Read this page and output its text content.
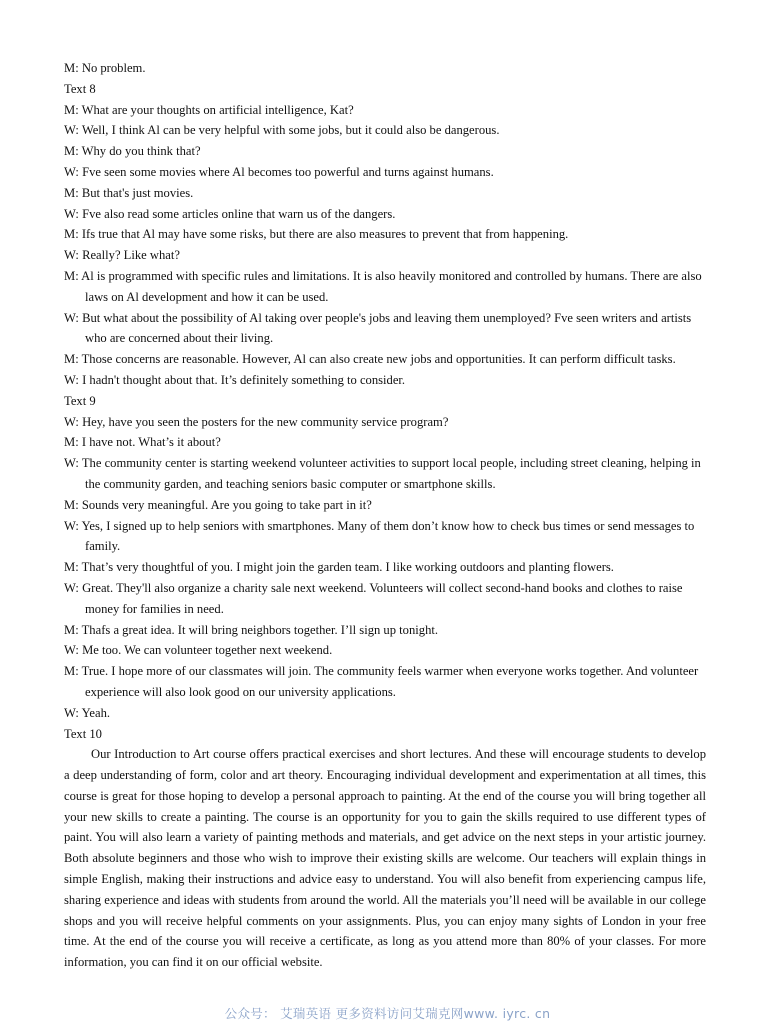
M: No problem.

Text 8

M: What are your thoughts on artificial intelligence, Kat?

W: Well, I think Al can be very helpful with some jobs, but it could also be dangerous.

M: Why do you think that?

W: Fve seen some movies where Al becomes too powerful and turns against humans.

M: But that's just movies.

W: Fve also read some articles online that warn us of the dangers.

M: Ifs true that Al may have some risks, but there are also measures to prevent that from happening.

W: Really? Like what?

M: Al is programmed with specific rules and limitations. It is also heavily monitored and controlled by humans. There are also laws on Al development and how it can be used.

W: But what about the possibility of Al taking over people's jobs and leaving them unemployed? Fve seen writers and artists who are concerned about their living.

M: Those concerns are reasonable. However, Al can also create new jobs and opportunities. It can perform difficult tasks.

W: I hadn't thought about that. It’s definitely something to consider.

Text 9

W: Hey, have you seen the posters for the new community service program?

M: I have not. What’s it about?

W: The community center is starting weekend volunteer activities to support local people, including street cleaning, helping in the community garden, and teaching seniors basic computer or smartphone skills.

M: Sounds very meaningful. Are you going to take part in it?

W: Yes, I signed up to help seniors with smartphones. Many of them don’t know how to check bus times or send messages to family.

M: That’s very thoughtful of you. I might join the garden team. I like working outdoors and planting flowers.

W: Great. They'll also organize a charity sale next weekend. Volunteers will collect second-hand books and clothes to raise money for families in need.

M: Thafs a great idea. It will bring neighbors together. I’ll sign up tonight.

W: Me too. We can volunteer together next weekend.

M: True. I hope more of our classmates will join. The community feels warmer when everyone works together. And volunteer experience will also look good on our university applications.

W: Yeah.

Text 10

Our Introduction to Art course offers practical exercises and short lectures. And these will encourage students to develop a deep understanding of form, color and art theory. Encouraging individual development and experimentation at all times, this course is great for those hoping to develop a personal approach to painting. At the end of the course you will bring together all your new skills to create a painting. The course is an opportunity for you to gain the skills required to use different types of paint. You will also learn a variety of painting methods and materials, and get advice on the next steps in your artistic journey. Both absolute beginners and those who wish to improve their existing skills are welcome. Our teachers will explain things in simple English, making their instructions and advice easy to understand. You will also benefit from experiencing campus life, sharing experience and ideas with students from around the world. All the materials you’ll need will be available in our college shops and you will receive helpful comments on your assignments. Plus, you can enjoy many sights of London in your free time. At the end of the course you will receive a certificate, as long as you attend more than 80% of your classes. For more information, you can find it on our official website.

公众号： 艾瑞英语 更多资料访问艾瑞克网www. iyrc. cn
